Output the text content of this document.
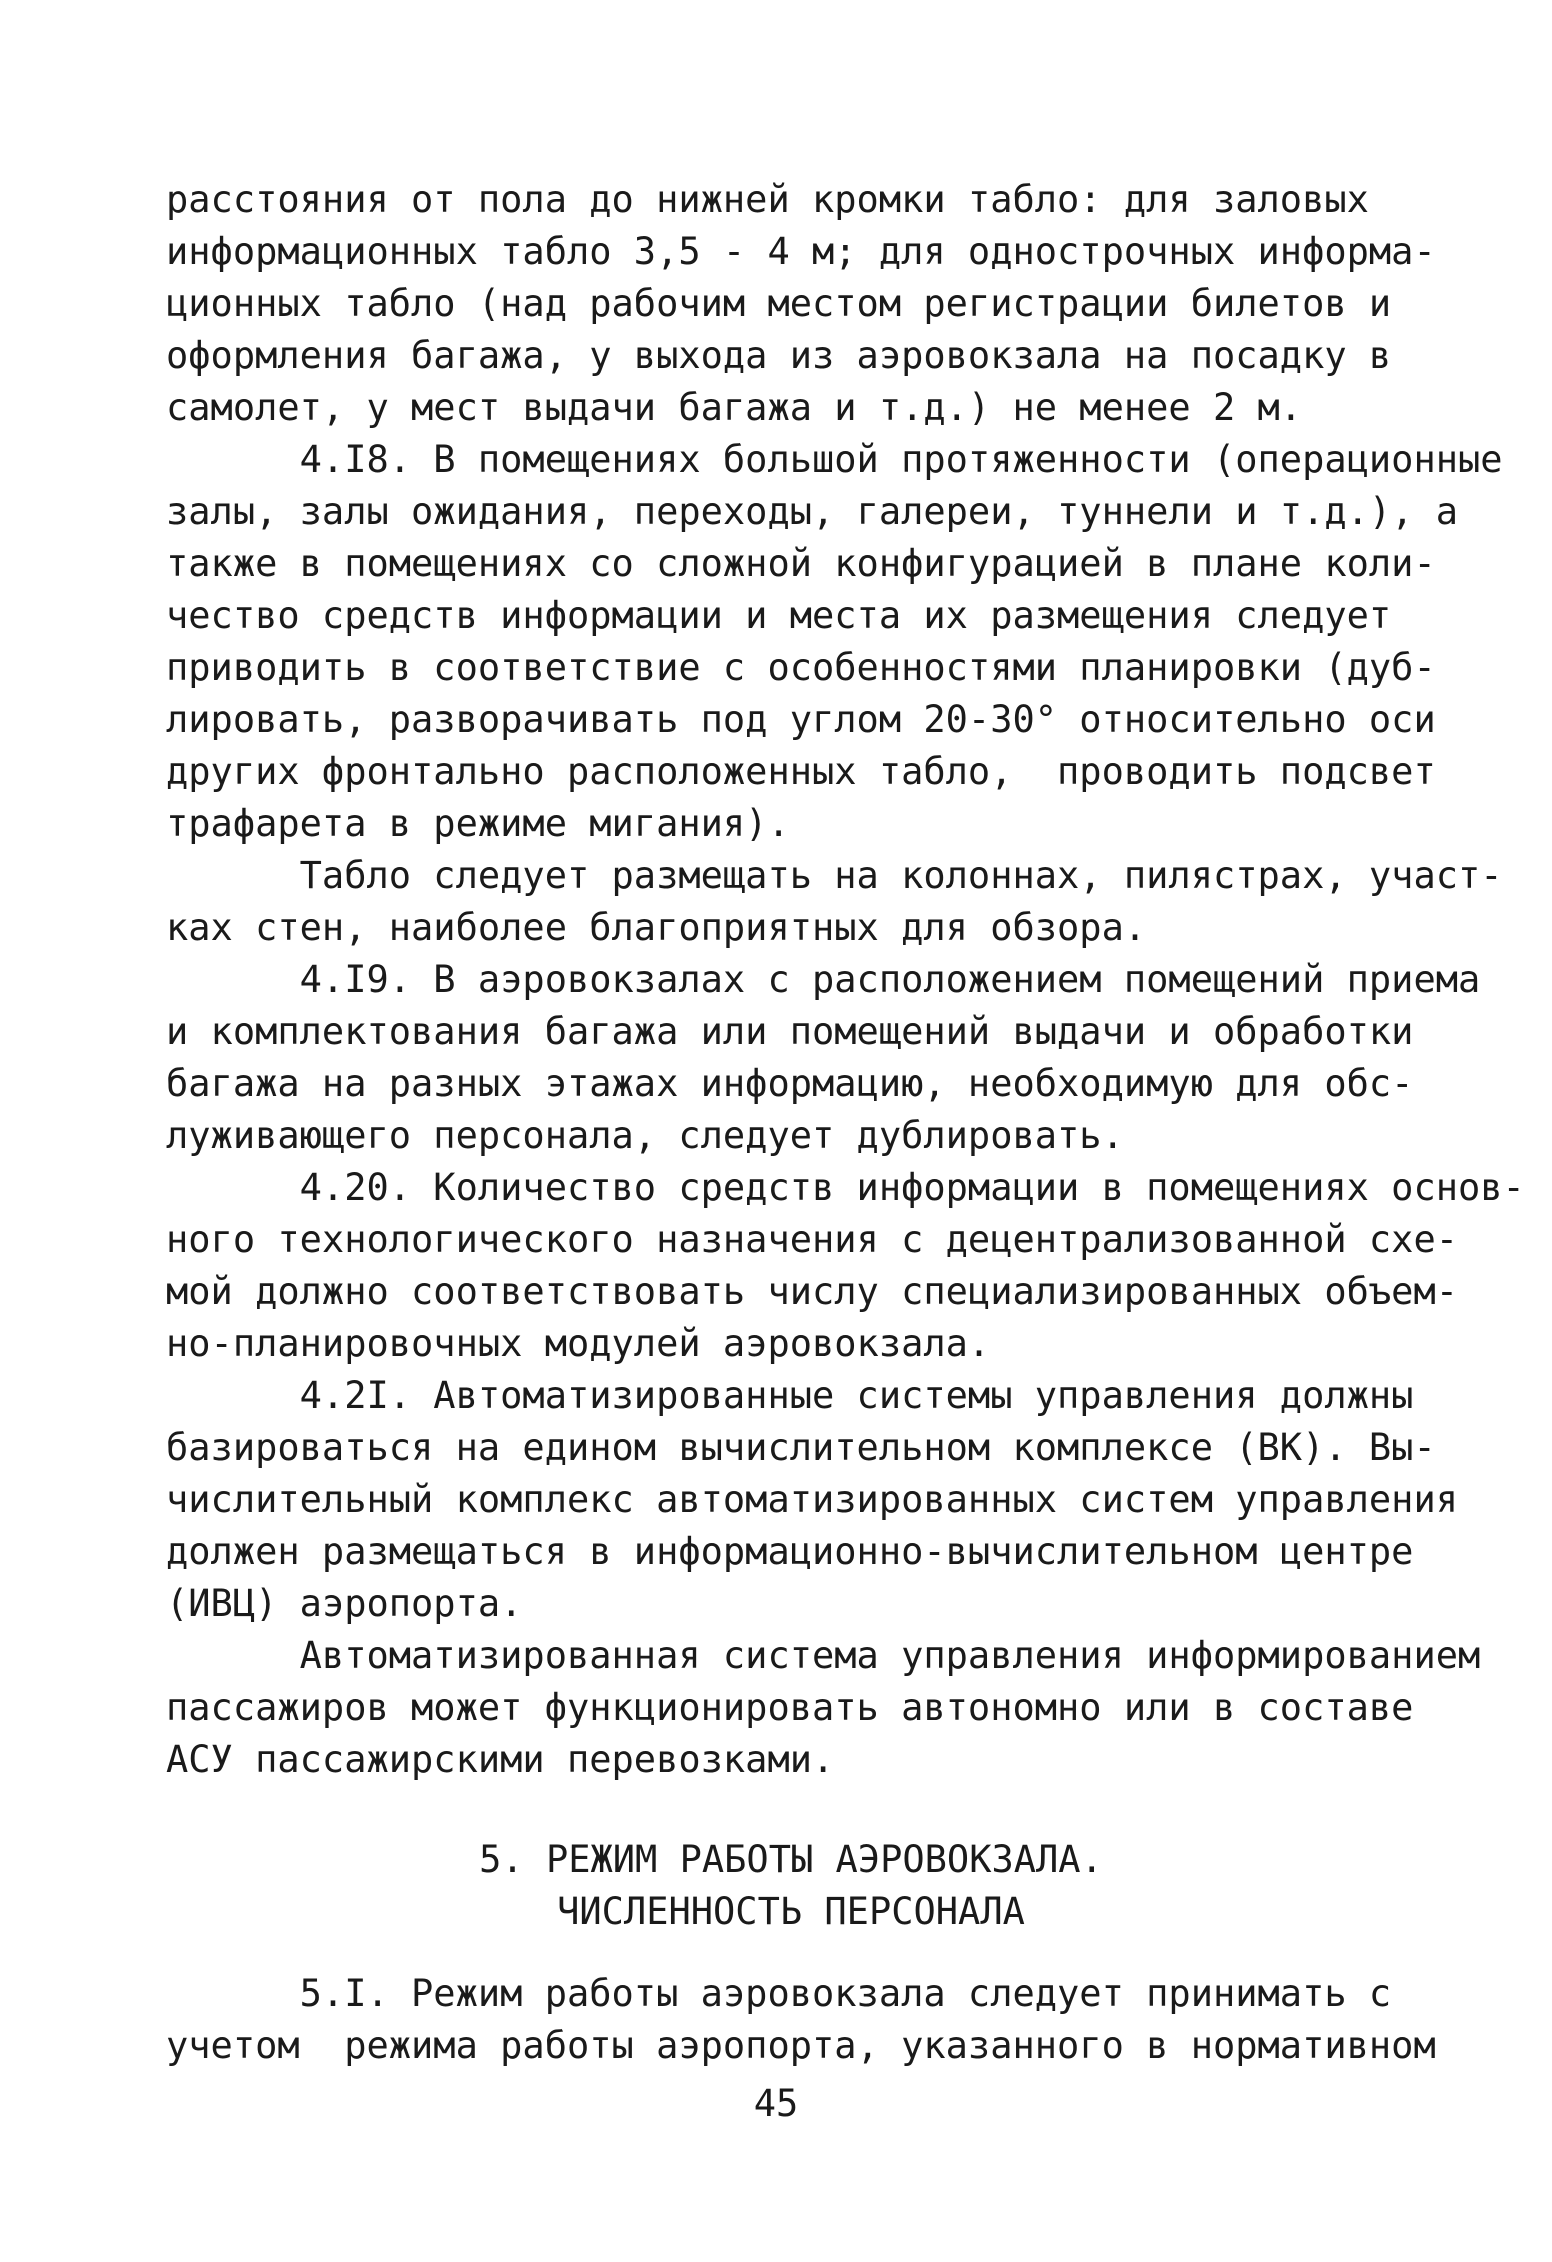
расстояния от пола до нижней кромки табло: для заловых
информационных табло 3,5 - 4 м; для однострочных информа-
ционных табло (над рабочим местом регистрации билетов и
оформления багажа, у выхода из аэровокзала на посадку в
самолет, у мест выдачи багажа и т.д.) не менее 2 м.

4.I8. В помещениях большой протяженности (операционные
залы, залы ожидания, переходы, галереи, туннели и т.д.), а
также в помещениях со сложной конфигурацией в плане коли-
чество средств информации и места их размещения следует
приводить в соответствие с особенностями планировки (дуб-
лировать, разворачивать под углом 20-30° относительно оси
других фронтально расположенных табло,  проводить подсвет
трафарета в режиме мигания).

Табло следует размещать на колоннах, пилястрах, участ-
ках стен, наиболее благоприятных для обзора.

4.I9. В аэровокзалах с расположением помещений приема
и комплектования багажа или помещений выдачи и обработки
багажа на разных этажах информацию, необходимую для обс-
луживающего персонала, следует дублировать.

4.20. Количество средств информации в помещениях основ-
ного технологического назначения с децентрализованной схе-
мой должно соответствовать числу специализированных объем-
но-планировочных модулей аэровокзала.

4.2I. Автоматизированные системы управления должны
базироваться на едином вычислительном комплексе (ВК). Вы-
числительный комплекс автоматизированных систем управления
должен размещаться в информационно-вычислительном центре
(ИВЦ) аэропорта.

Автоматизированная система управления информированием
пассажиров может функционировать автономно или в составе
АСУ пассажирскими перевозками.

5. РЕЖИМ РАБОТЫ АЭРОВОКЗАЛА.
ЧИСЛЕННОСТЬ ПЕРСОНАЛА

5.I. Режим работы аэровокзала следует принимать с
учетом  режима работы аэропорта, указанного в нормативном

45
